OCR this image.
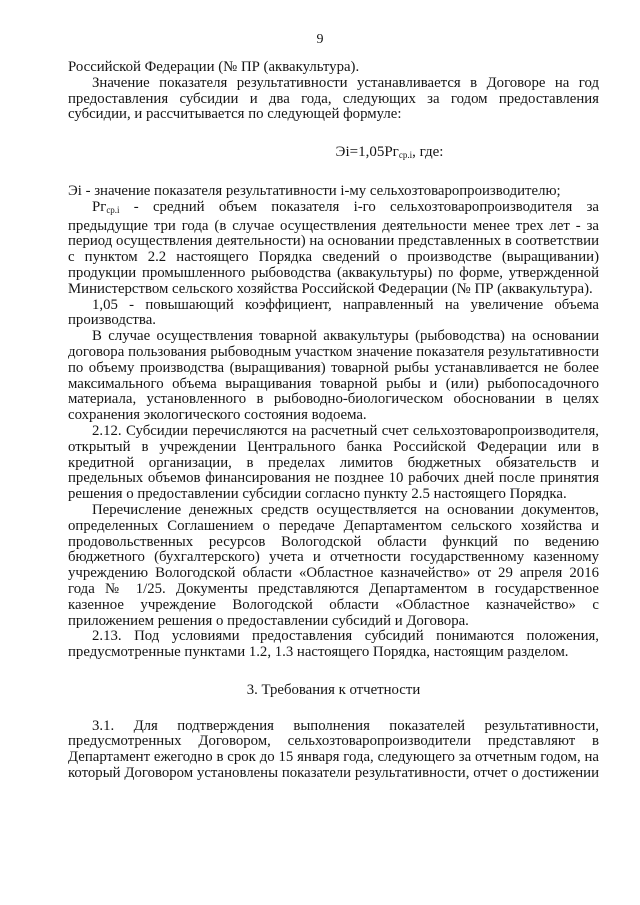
9

Российской Федерации (№ ПР (аквакультура).

Значение показателя результативности устанавливается в Договоре на год предоставления субсидии и два года, следующих за годом предоставления субсидии, и рассчитывается по следующей формуле:

$Эi=1,05Рг_{ср.i}$, где:

Эi - значение показателя результативности i-му сельхозтоваропроизводителю;

$Рг_{ср.i}$ - средний объем показателя i-го сельхозтоваропроизводителя за предыдущие три года (в случае осуществления деятельности менее трех лет - за период осуществления деятельности) на основании представленных в соответствии с пунктом 2.2 настоящего Порядка сведений о производстве (выращивании) продукции промышленного рыбоводства (аквакультуры) по форме, утвержденной Министерством сельского хозяйства Российской Федерации (№ ПР (аквакультура).

1,05 - повышающий коэффициент, направленный на увеличение объема производства.

В случае осуществления товарной аквакультуры (рыбоводства) на основании договора пользования рыбоводным участком значение показателя результативности по объему производства (выращивания) товарной рыбы устанавливается не более максимального объема выращивания товарной рыбы и (или) рыбопосадочного материала, установленного в рыбоводно-биологическом обосновании в целях сохранения экологического состояния водоема.

2.12. Субсидии перечисляются на расчетный счет сельхозтоваропроизводителя, открытый в учреждении Центрального банка Российской Федерации или в кредитной организации, в пределах лимитов бюджетных обязательств и предельных объемов финансирования не позднее 10 рабочих дней после принятия решения о предоставлении субсидии согласно пункту 2.5 настоящего Порядка.

Перечисление денежных средств осуществляется на основании документов, определенных Соглашением о передаче Департаментом сельского хозяйства и продовольственных ресурсов Вологодской области функций по ведению бюджетного (бухгалтерского) учета и отчетности государственному казенному учреждению Вологодской области «Областное казначейство» от 29 апреля 2016 года № 1/25. Документы представляются Департаментом в государственное казенное учреждение Вологодской области «Областное казначейство» с приложением решения о предоставлении субсидий и Договора.

2.13. Под условиями предоставления субсидий понимаются положения, предусмотренные пунктами 1.2, 1.3 настоящего Порядка, настоящим разделом.

3. Требования к отчетности

3.1. Для подтверждения выполнения показателей результативности, предусмотренных Договором, сельхозтоваропроизводители представляют в Департамент ежегодно в срок до 15 января года, следующего за отчетным годом, на который Договором установлены показатели результативности, отчет о достижении
